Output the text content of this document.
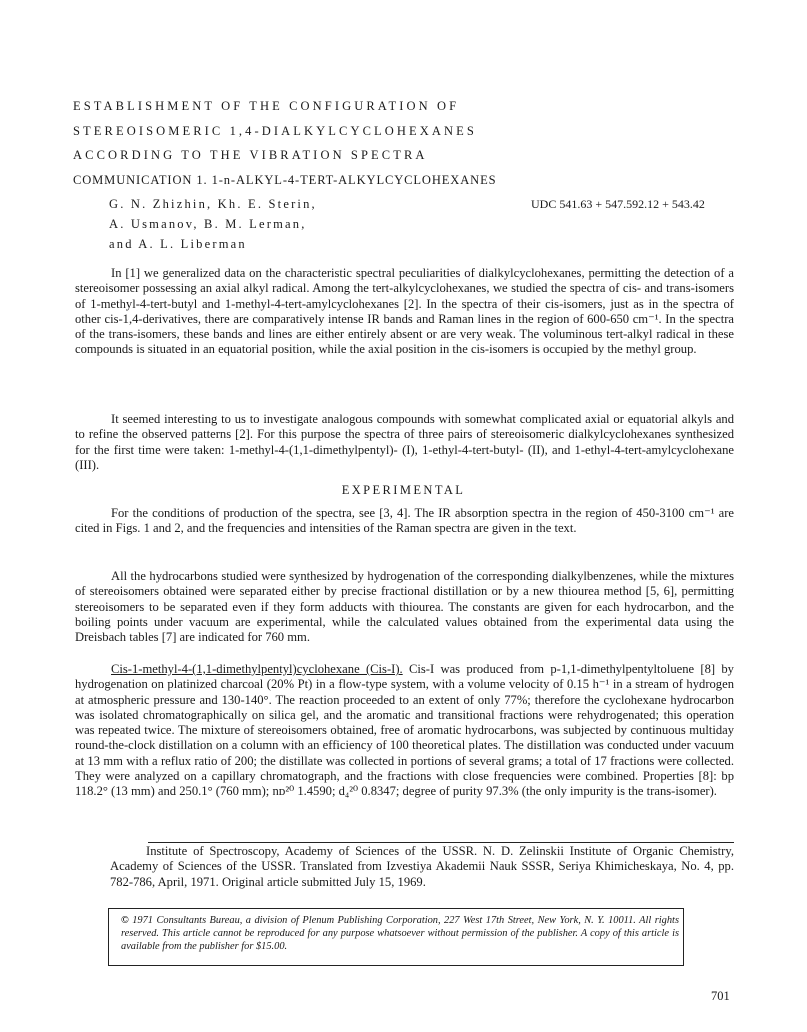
ESTABLISHMENT OF THE CONFIGURATION OF
STEREOISOMERIC 1,4-DIALKYLCYCLOHEXANES
ACCORDING TO THE VIBRATION SPECTRA
COMMUNICATION 1. 1-n-ALKYL-4-TERT-ALKYLCYCLOHEXANES
G. N. Zhizhin, Kh. E. Sterin,
A. Usmanov, B. M. Lerman,
and A. L. Liberman
UDC 541.63 + 547.592.12 + 543.42

In [1] we generalized data on the characteristic spectral peculiarities of dialkylcyclohexanes, permitting the detection of a stereoisomer possessing an axial alkyl radical. Among the tert-alkylcyclohexanes, we studied the spectra of cis- and trans-isomers of 1-methyl-4-tert-butyl and 1-methyl-4-tert-amylcyclohexanes [2]. In the spectra of their cis-isomers, just as in the spectra of other cis-1,4-derivatives, there are comparatively intense IR bands and Raman lines in the region of 600-650 cm⁻¹. In the spectra of the trans-isomers, these bands and lines are either entirely absent or are very weak. The voluminous tert-alkyl radical in these compounds is situated in an equatorial position, while the axial position in the cis-isomers is occupied by the methyl group.

It seemed interesting to us to investigate analogous compounds with somewhat complicated axial or equatorial alkyls and to refine the observed patterns [2]. For this purpose the spectra of three pairs of stereoisomeric dialkylcyclohexanes synthesized for the first time were taken: 1-methyl-4-(1,1-dimethylpentyl)- (I), 1-ethyl-4-tert-butyl- (II), and 1-ethyl-4-tert-amylcyclohexane (III).

EXPERIMENTAL

For the conditions of production of the spectra, see [3, 4]. The IR absorption spectra in the region of 450-3100 cm⁻¹ are cited in Figs. 1 and 2, and the frequencies and intensities of the Raman spectra are given in the text.

All the hydrocarbons studied were synthesized by hydrogenation of the corresponding dialkylbenzenes, while the mixtures of stereoisomers obtained were separated either by precise fractional distillation or by a new thiourea method [5, 6], permitting stereoisomers to be separated even if they form adducts with thiourea. The constants are given for each hydrocarbon, and the boiling points under vacuum are experimental, while the calculated values obtained from the experimental data using the Dreisbach tables [7] are indicated for 760 mm.

Cis-1-methyl-4-(1,1-dimethylpentyl)cyclohexane (Cis-I). Cis-I was produced from p-1,1-dimethylpentyltoluene [8] by hydrogenation on platinized charcoal (20% Pt) in a flow-type system, with a volume velocity of 0.15 h⁻¹ in a stream of hydrogen at atmospheric pressure and 130-140°. The reaction proceeded to an extent of only 77%; therefore the cyclohexane hydrocarbon was isolated chromatographically on silica gel, and the aromatic and transitional fractions were rehydrogenated; this operation was repeated twice. The mixture of stereoisomers obtained, free of aromatic hydrocarbons, was subjected by continuous multiday round-the-clock distillation on a column with an efficiency of 100 theoretical plates. The distillation was conducted under vacuum at 13 mm with a reflux ratio of 200; the distillate was collected in portions of several grams; a total of 17 fractions were collected. They were analyzed on a capillary chromatograph, and the fractions with close frequencies were combined. Properties [8]: bp 118.2° (13 mm) and 250.1° (760 mm); nᴅ²⁰ 1.4590; d₄²⁰ 0.8347; degree of purity 97.3% (the only impurity is the trans-isomer).

Institute of Spectroscopy, Academy of Sciences of the USSR. N. D. Zelinskii Institute of Organic Chemistry, Academy of Sciences of the USSR. Translated from Izvestiya Akademii Nauk SSSR, Seriya Khimicheskaya, No. 4, pp. 782-786, April, 1971. Original article submitted July 15, 1969.

© 1971 Consultants Bureau, a division of Plenum Publishing Corporation, 227 West 17th Street, New York, N. Y. 10011. All rights reserved. This article cannot be reproduced for any purpose whatsoever without permission of the publisher. A copy of this article is available from the publisher for $15.00.
701
